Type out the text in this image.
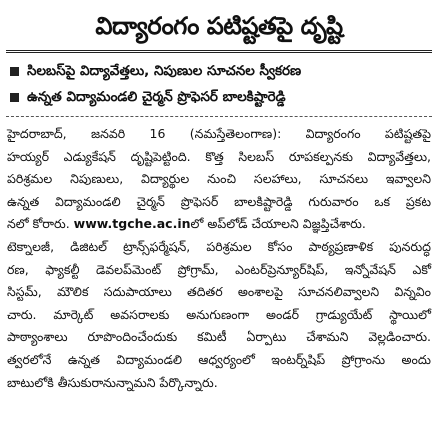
విద్యారంగం పటిష్టతపై దృష్టి
సిలబస్‌పై విద్యావేత్తలు, నిపుణుల సూచనల స్వీకరణ
ఉన్నత విద్యామండలి చైర్మన్ ప్రొఫెసర్ బాలకిష్టారెడ్డి
హైదరాబాద్, జనవరి 16 (నమస్తేతెలంగాణ): విద్యారంగం పటిష్టతపై
హయ్యర్ ఎడ్యుకేషన్ దృష్టిపెట్టింది. కొత్త సిలబస్ రూపకల్పనకు విద్యావేత్తలు,
పరిశ్రమల నిపుణులు, విద్యార్థుల నుంచి సలహాలు, సూచనలు ఇవ్వాలని
ఉన్నత విద్యామండలి చైర్మన్ ప్రొఫెసర్ బాలకిష్టారెడ్డి గురువారం ఒక ప్రకట
నలో కోరారు. www.tgche.ac.inలో అప్‌లోడ్ చేయాలని విజ్ఞప్తిచేశారు.
టెక్నాలజీ, డిజిటల్ ట్రాన్స్‌ఫర్మేషన్, పరిశ్రమల కోసం పాఠ్యప్రణాళిక పునరుద్ధ
రణ, ఫ్యాకల్టీ డెవలప్‌మెంట్ ప్రోగ్రామ్, ఎంటర్‌ప్రెన్యూర్‌షిప్, ఇన్నోవేషన్ ఎకో
సిస్టమ్, మౌలిక సదుపాయాలు తదితర అంశాలపై సూచనలివ్వాలని విన్నవిం
చారు. మార్కెట్ అవసరాలకు అనుగుణంగా అండర్ గ్రాడ్యుయేట్ స్థాయిలో
పాఠ్యాంశాలు రూపొందించేందుకు కమిటీ ఏర్పాటు చేశామని వెల్లడించారు.
త్వరలోనే ఉన్నత విద్యామండలి ఆధ్వర్యంలో ఇంటర్న్‌షిప్ ప్రోగ్రాంను అందు
బాటులోకి తీసుకురానున్నామని పేర్కొన్నారు.
